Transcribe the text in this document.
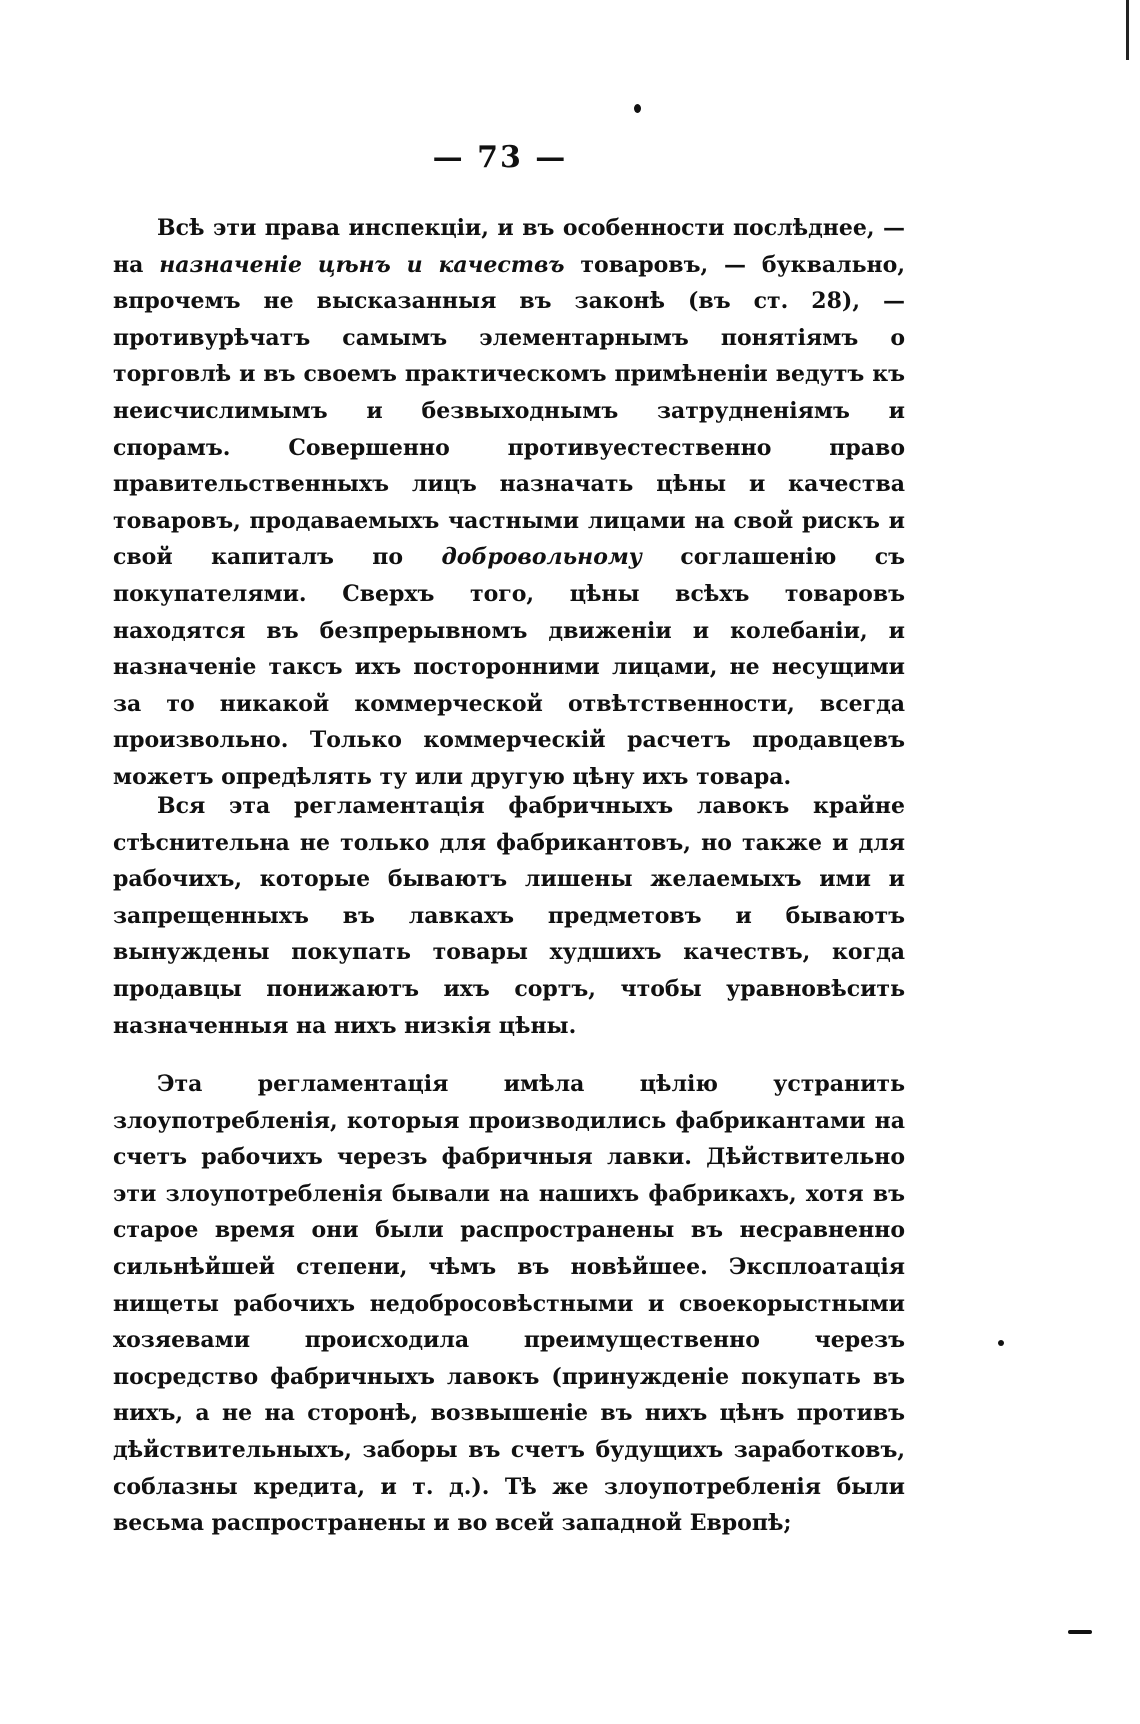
— 73 —

Всѣ эти права инспекціи, и въ особенности послѣднее, — на назначеніе цѣнъ и качествъ товаровъ, — буквально, впрочемъ не высказанныя въ законѣ (въ ст. 28), — противурѣчатъ самымъ элементарнымъ понятіямъ о торговлѣ и въ своемъ практическомъ примѣненіи ведутъ къ неисчислимымъ и безвыходнымъ затрудненіямъ и спорамъ. Совершенно противуестественно право правительственныхъ лицъ назначать цѣны и качества товаровъ, продаваемыхъ частными лицами на свой рискъ и свой капиталъ по добровольному соглашенію съ покупателями. Сверхъ того, цѣны всѣхъ товаровъ находятся въ безпрерывномъ движеніи и колебаніи, и назначеніе таксъ ихъ посторонними лицами, не несущими за то никакой коммерческой отвѣтственности, всегда произвольно. Только коммерческій расчетъ продавцевъ можетъ опредѣлять ту или другую цѣну ихъ товара.

Вся эта регламентація фабричныхъ лавокъ крайне стѣснительна не только для фабрикантовъ, но также и для рабочихъ, которые бываютъ лишены желаемыхъ ими и запрещенныхъ въ лавкахъ предметовъ и бываютъ вынуждены покупать товары худшихъ качествъ, когда продавцы понижаютъ ихъ сортъ, чтобы уравновѣсить назначенныя на нихъ низкія цѣны.

Эта регламентація имѣла цѣлію устранить злоупотребленія, которыя производились фабрикантами на счетъ рабочихъ черезъ фабричныя лавки. Дѣйствительно эти злоупотребленія бывали на нашихъ фабрикахъ, хотя въ старое время они были распространены въ несравненно сильнѣйшей степени, чѣмъ въ новѣйшее. Эксплоатація нищеты рабочихъ недобросовѣстными и своекорыстными хозяевами происходила преимущественно черезъ посредство фабричныхъ лавокъ (принужденіе покупать въ нихъ, а не на сторонѣ, возвышеніе въ нихъ цѣнъ противъ дѣйствительныхъ, заборы въ счетъ будущихъ заработковъ, соблазны кредита, и т. д.). Тѣ же злоупотребленія были весьма распространены и во всей западной Европѣ;
